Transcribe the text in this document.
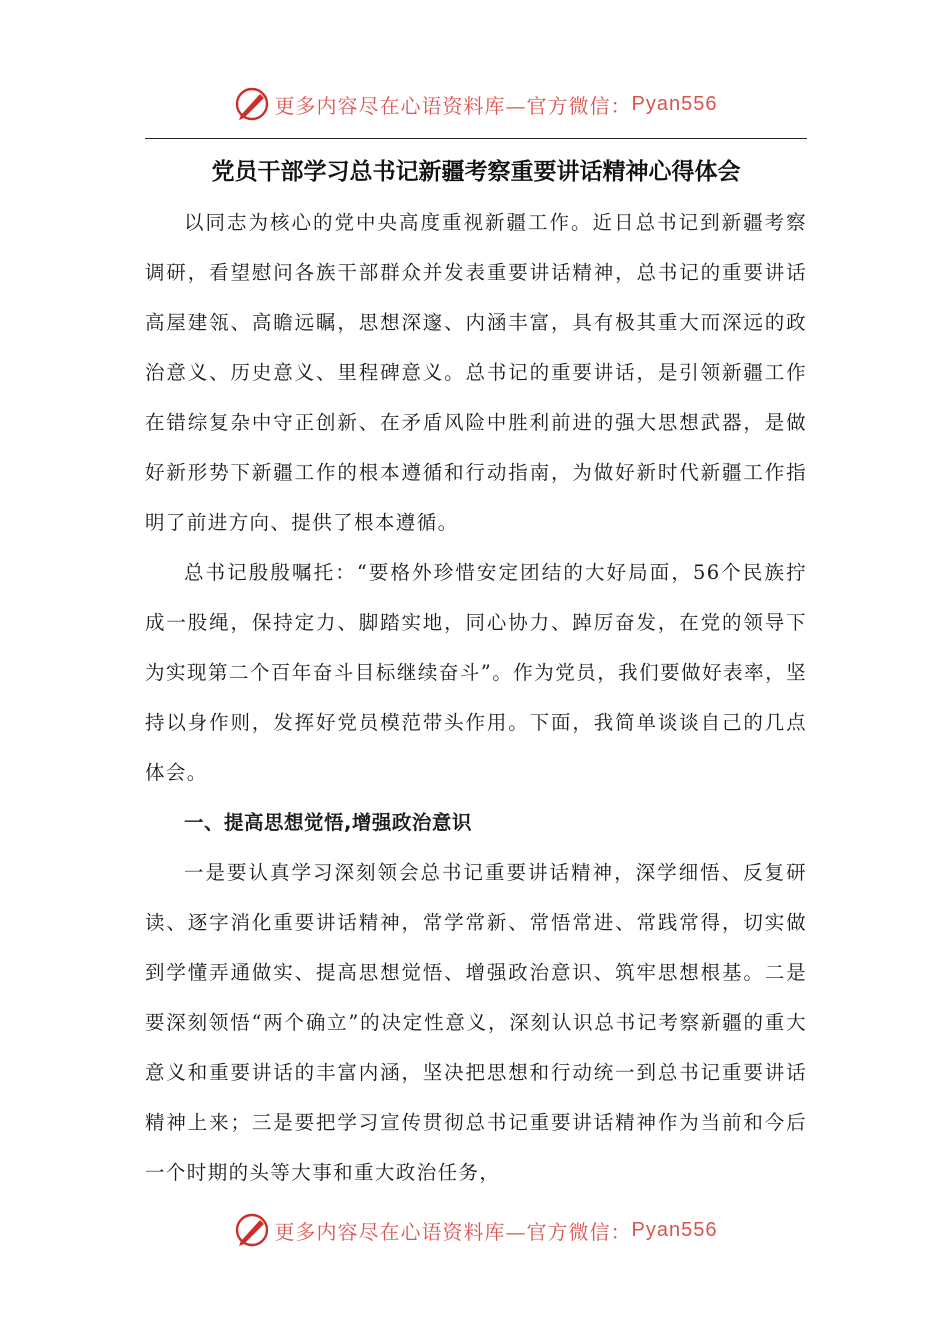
更多内容尽在心语资料库—官方微信： Pyan556
党员干部学习总书记新疆考察重要讲话精神心得体会

以同志为核心的党中央高度重视新疆工作。近日总书记到新疆考察调研，看望慰问各族干部群众并发表重要讲话精神，总书记的重要讲话高屋建瓴、高瞻远瞩，思想深邃、内涵丰富，具有极其重大而深远的政治意义、历史意义、里程碑意义。总书记的重要讲话，是引领新疆工作在错综复杂中守正创新、在矛盾风险中胜利前进的强大思想武器，是做好新形势下新疆工作的根本遵循和行动指南，为做好新时代新疆工作指明了前进方向、提供了根本遵循。

总书记殷殷嘱托：“要格外珍惜安定团结的大好局面，56个民族拧成一股绳，保持定力、脚踏实地，同心协力、踔厉奋发，在党的领导下为实现第二个百年奋斗目标继续奋斗”。作为党员，我们要做好表率，坚持以身作则，发挥好党员模范带头作用。下面，我简单谈谈自己的几点体会。

一、提高思想觉悟,增强政治意识

一是要认真学习深刻领会总书记重要讲话精神，深学细悟、反复研读、逐字消化重要讲话精神，常学常新、常悟常进、常践常得，切实做到学懂弄通做实、提高思想觉悟、增强政治意识、筑牢思想根基。二是要深刻领悟“两个确立”的决定性意义，深刻认识总书记考察新疆的重大意义和重要讲话的丰富内涵，坚决把思想和行动统一到总书记重要讲话精神上来；三是要把学习宣传贯彻总书记重要讲话精神作为当前和今后一个时期的头等大事和重大政治任务，

更多内容尽在心语资料库—官方微信： Pyan556
